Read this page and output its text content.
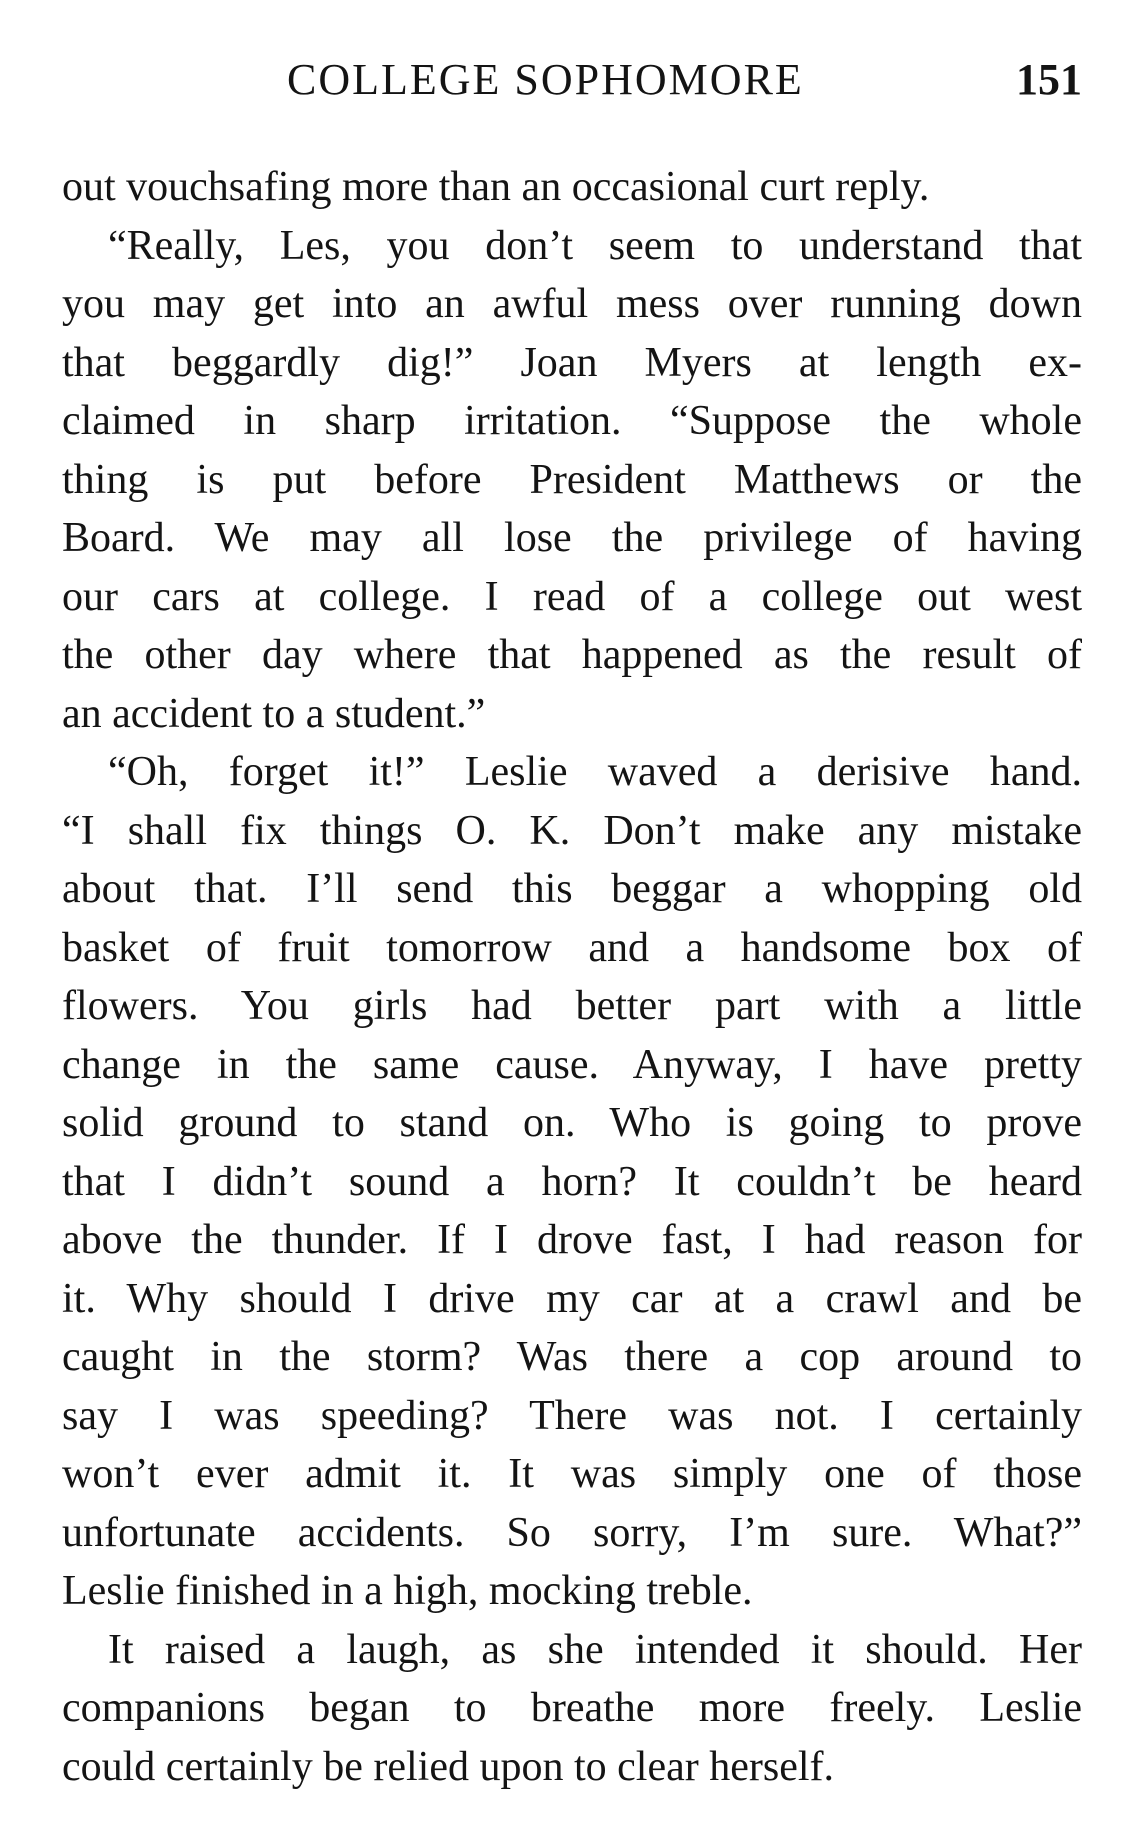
COLLEGE SOPHOMORE	151

out vouchsafing more than an occasional curt reply.

“Really, Les, you don’t seem to understand that
you may get into an awful mess over running down
that beggardly dig!” Joan Myers at length ex-
claimed in sharp irritation. “Suppose the whole
thing is put before President Matthews or the
Board. We may all lose the privilege of having
our cars at college. I read of a college out west
the other day where that happened as the result of
an accident to a student.”

“Oh, forget it!” Leslie waved a derisive hand.
“I shall fix things O. K. Don’t make any mistake
about that. I’ll send this beggar a whopping old
basket of fruit tomorrow and a handsome box of
flowers. You girls had better part with a little
change in the same cause. Anyway, I have pretty
solid ground to stand on. Who is going to prove
that I didn’t sound a horn? It couldn’t be heard
above the thunder. If I drove fast, I had reason for
it. Why should I drive my car at a crawl and be
caught in the storm? Was there a cop around to
say I was speeding? There was not. I certainly
won’t ever admit it. It was simply one of those
unfortunate accidents. So sorry, I’m sure. What?”
Leslie finished in a high, mocking treble.

It raised a laugh, as she intended it should. Her
companions began to breathe more freely. Leslie
could certainly be relied upon to clear herself.
